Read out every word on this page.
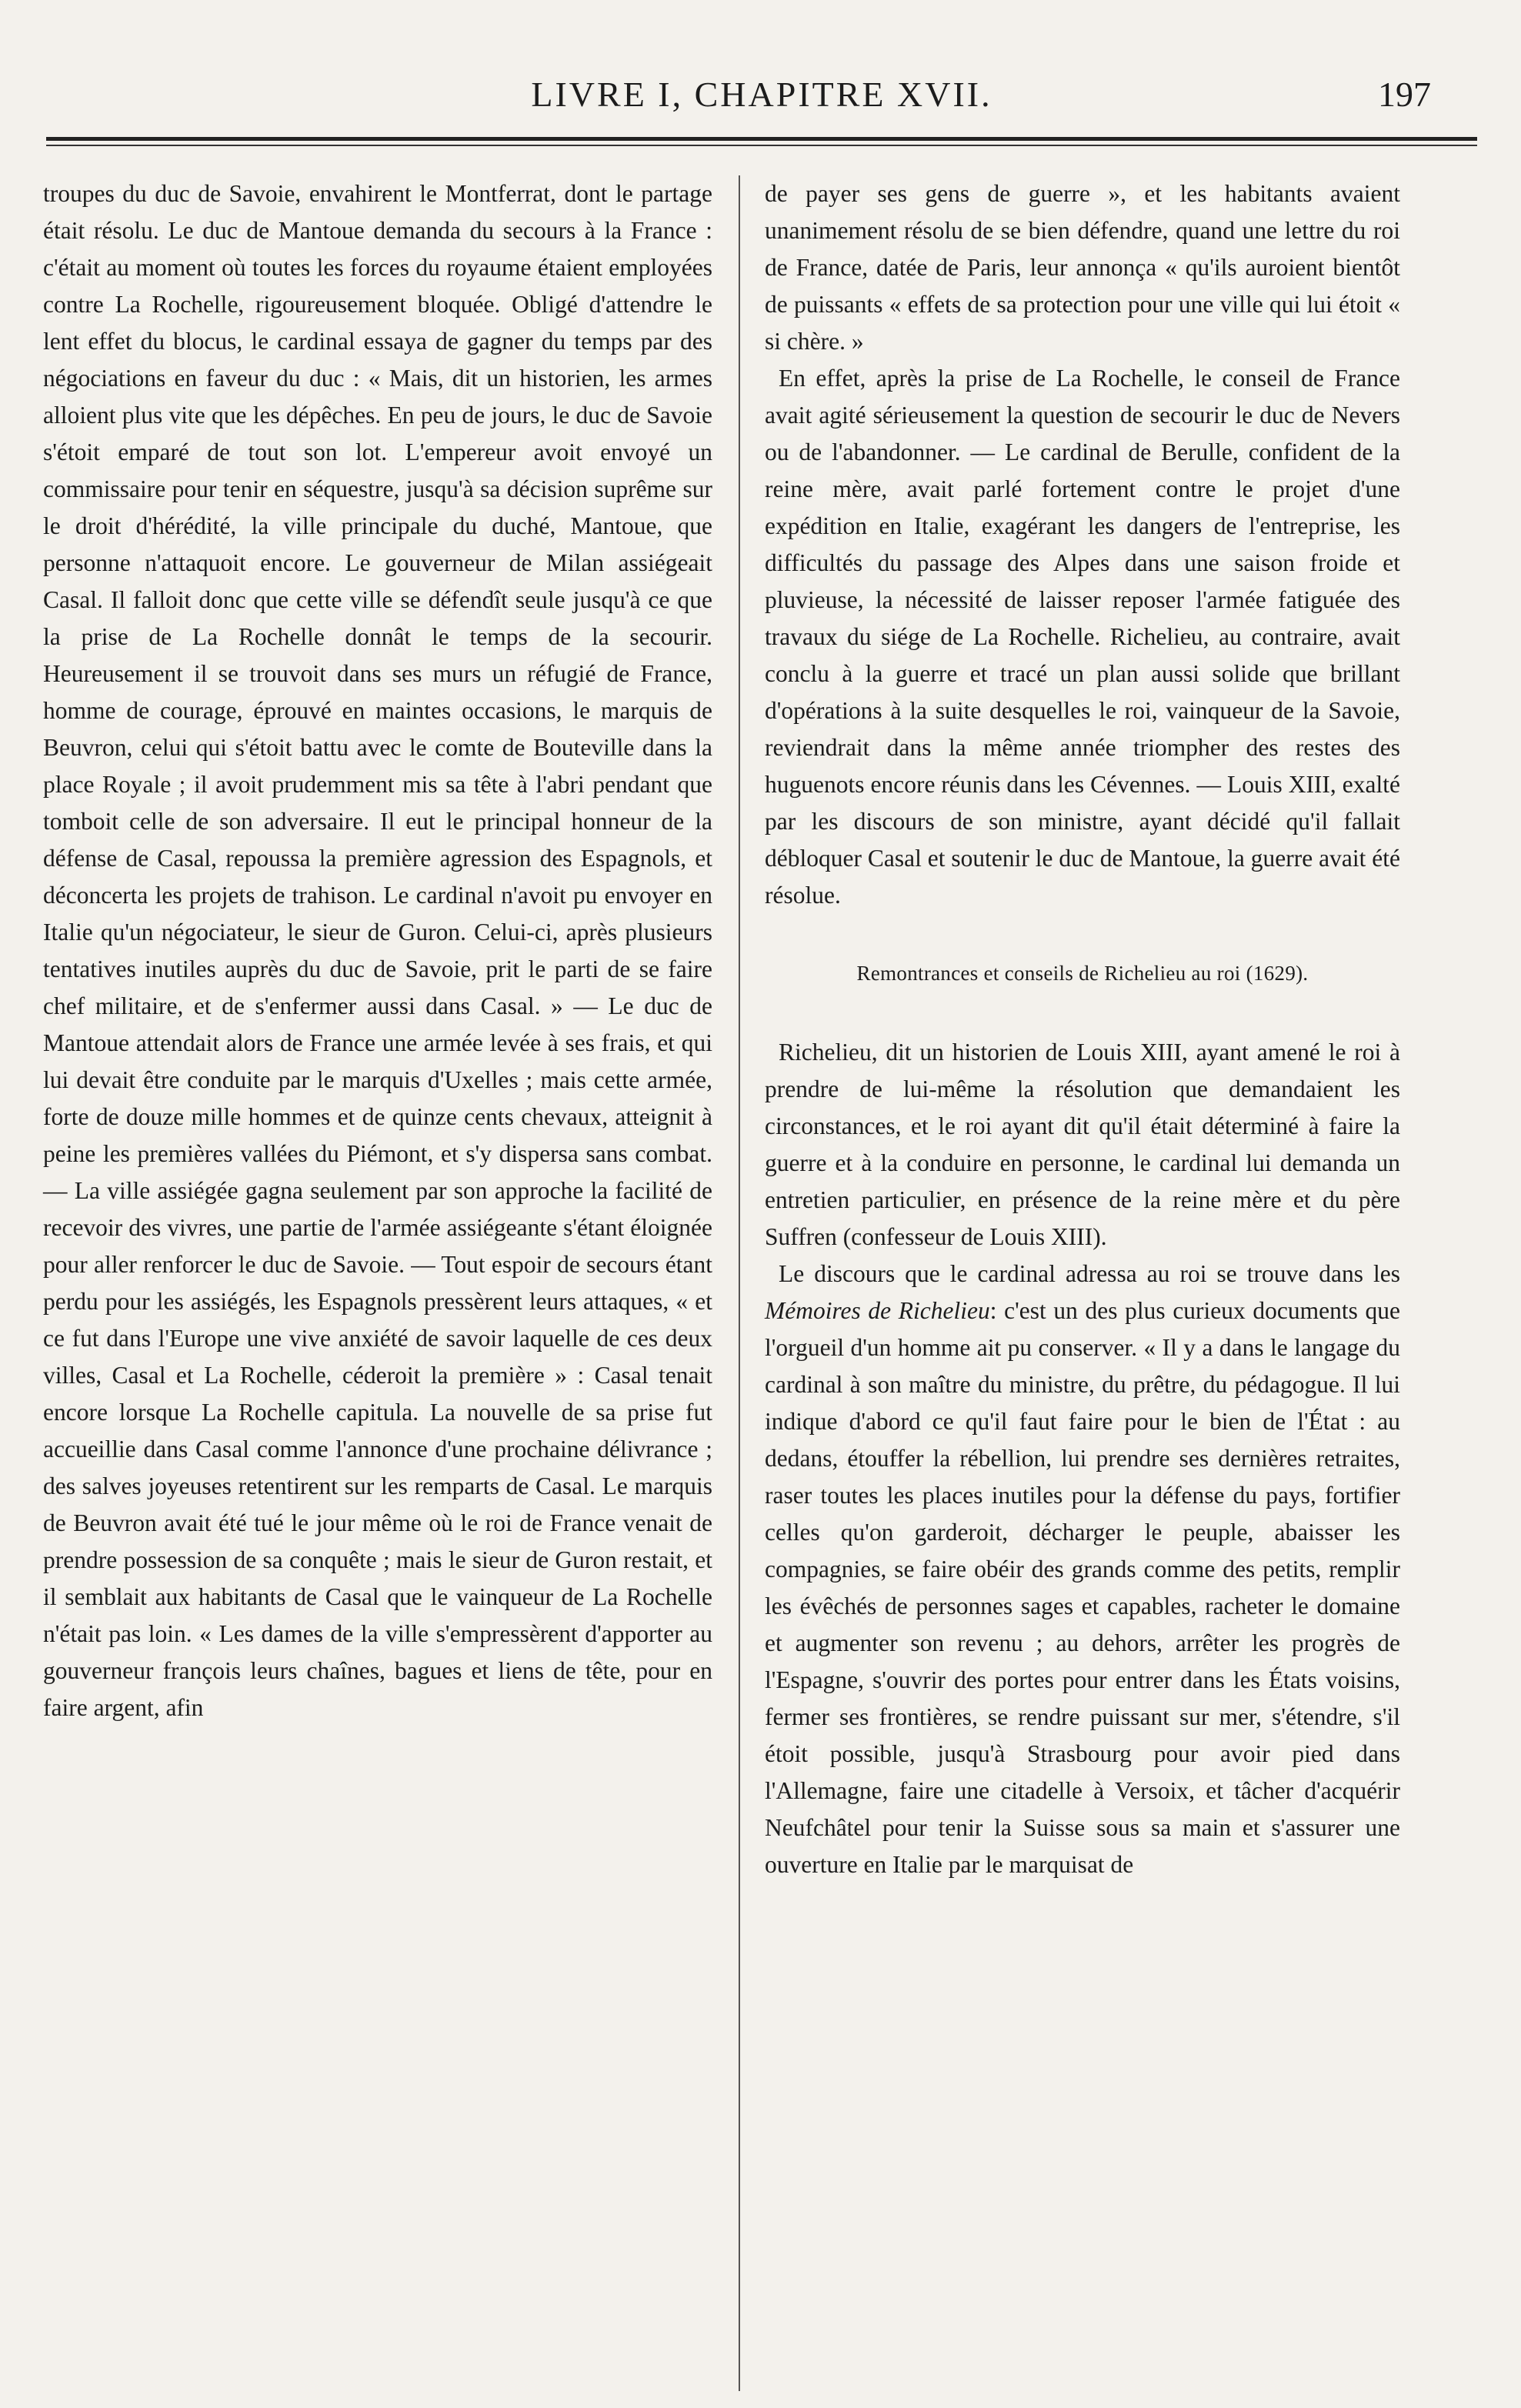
LIVRE I, CHAPITRE XVII.	197

troupes du duc de Savoie, envahirent le Montferrat, dont le partage était résolu. Le duc de Mantoue demanda du secours à la France : c'était au moment où toutes les forces du royaume étaient employées contre La Rochelle, rigoureusement bloquée. Obligé d'attendre le lent effet du blocus, le cardinal essaya de gagner du temps par des négociations en faveur du duc : « Mais, dit un historien, les armes alloient plus vite que les dépêches. En peu de jours, le duc de Savoie s'étoit emparé de tout son lot. L'empereur avoit envoyé un commissaire pour tenir en séquestre, jusqu'à sa décision suprême sur le droit d'hérédité, la ville principale du duché, Mantoue, que personne n'attaquoit encore. Le gouverneur de Milan assiégeait Casal. Il falloit donc que cette ville se défendît seule jusqu'à ce que la prise de La Rochelle donnât le temps de la secourir. Heureusement il se trouvoit dans ses murs un réfugié de France, homme de courage, éprouvé en maintes occasions, le marquis de Beuvron, celui qui s'étoit battu avec le comte de Bouteville dans la place Royale ; il avoit prudemment mis sa tête à l'abri pendant que tomboit celle de son adversaire. Il eut le principal honneur de la défense de Casal, repoussa la première agression des Espagnols, et déconcerta les projets de trahison. Le cardinal n'avoit pu envoyer en Italie qu'un négociateur, le sieur de Guron. Celui-ci, après plusieurs tentatives inutiles auprès du duc de Savoie, prit le parti de se faire chef militaire, et de s'enfermer aussi dans Casal. » — Le duc de Mantoue attendait alors de France une armée levée à ses frais, et qui lui devait être conduite par le marquis d'Uxelles ; mais cette armée, forte de douze mille hommes et de quinze cents chevaux, atteignit à peine les premières vallées du Piémont, et s'y dispersa sans combat. — La ville assiégée gagna seulement par son approche la facilité de recevoir des vivres, une partie de l'armée assiégeante s'étant éloignée pour aller renforcer le duc de Savoie. — Tout espoir de secours étant perdu pour les assiégés, les Espagnols pressèrent leurs attaques, « et ce fut dans l'Europe une vive anxiété de savoir laquelle de ces deux villes, Casal et La Rochelle, céderoit la première » : Casal tenait encore lorsque La Rochelle capitula. La nouvelle de sa prise fut accueillie dans Casal comme l'annonce d'une prochaine délivrance ; des salves joyeuses retentirent sur les remparts de Casal. Le marquis de Beuvron avait été tué le jour même où le roi de France venait de prendre possession de sa conquête ; mais le sieur de Guron restait, et il semblait aux habitants de Casal que le vainqueur de La Rochelle n'était pas loin. « Les dames de la ville s'empressèrent d'apporter au gouverneur françois leurs chaînes, bagues et liens de tête, pour en faire argent, afin

de payer ses gens de guerre », et les habitants avaient unanimement résolu de se bien défendre, quand une lettre du roi de France, datée de Paris, leur annonça « qu'ils auroient bientôt de puissants « effets de sa protection pour une ville qui lui étoit « si chère. »

En effet, après la prise de La Rochelle, le conseil de France avait agité sérieusement la question de secourir le duc de Nevers ou de l'abandonner. — Le cardinal de Berulle, confident de la reine mère, avait parlé fortement contre le projet d'une expédition en Italie, exagérant les dangers de l'entreprise, les difficultés du passage des Alpes dans une saison froide et pluvieuse, la nécessité de laisser reposer l'armée fatiguée des travaux du siége de La Rochelle. Richelieu, au contraire, avait conclu à la guerre et tracé un plan aussi solide que brillant d'opérations à la suite desquelles le roi, vainqueur de la Savoie, reviendrait dans la même année triompher des restes des huguenots encore réunis dans les Cévennes. — Louis XIII, exalté par les discours de son ministre, ayant décidé qu'il fallait débloquer Casal et soutenir le duc de Mantoue, la guerre avait été résolue.

Remontrances et conseils de Richelieu au roi (1629).

Richelieu, dit un historien de Louis XIII, ayant amené le roi à prendre de lui-même la résolution que demandaient les circonstances, et le roi ayant dit qu'il était déterminé à faire la guerre et à la conduire en personne, le cardinal lui demanda un entretien particulier, en présence de la reine mère et du père Suffren (confesseur de Louis XIII).

Le discours que le cardinal adressa au roi se trouve dans les Mémoires de Richelieu: c'est un des plus curieux documents que l'orgueil d'un homme ait pu conserver. « Il y a dans le langage du cardinal à son maître du ministre, du prêtre, du pédagogue. Il lui indique d'abord ce qu'il faut faire pour le bien de l'État : au dedans, étouffer la rébellion, lui prendre ses dernières retraites, raser toutes les places inutiles pour la défense du pays, fortifier celles qu'on garderoit, décharger le peuple, abaisser les compagnies, se faire obéir des grands comme des petits, remplir les évêchés de personnes sages et capables, racheter le domaine et augmenter son revenu ; au dehors, arrêter les progrès de l'Espagne, s'ouvrir des portes pour entrer dans les États voisins, fermer ses frontières, se rendre puissant sur mer, s'étendre, s'il étoit possible, jusqu'à Strasbourg pour avoir pied dans l'Allemagne, faire une citadelle à Versoix, et tâcher d'acquérir Neufchâtel pour tenir la Suisse sous sa main et s'assurer une ouverture en Italie par le marquisat de
